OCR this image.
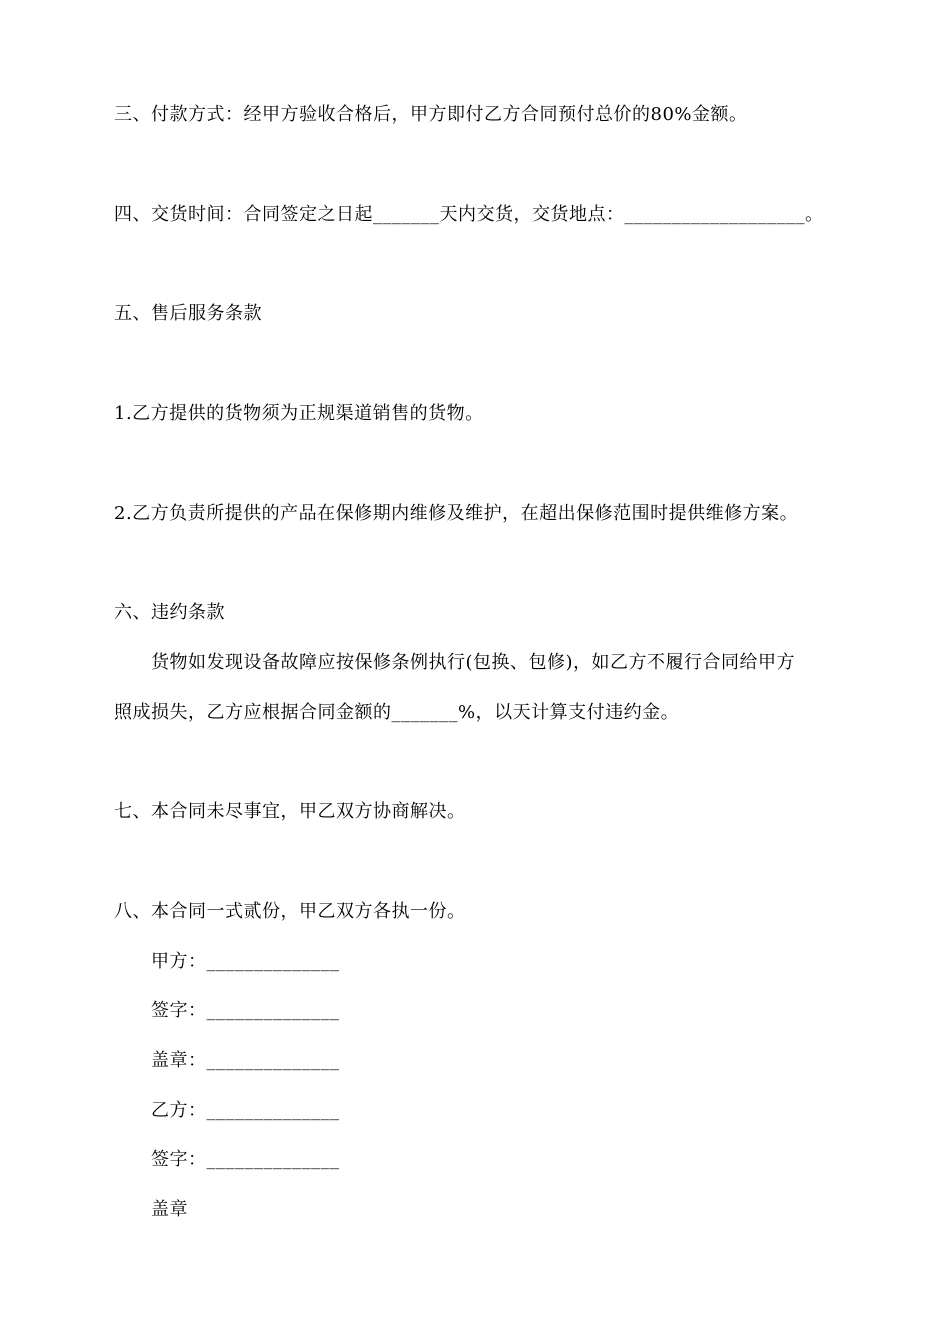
三、付款方式：经甲方验收合格后，甲方即付乙方合同预付总价的80%金额。
四、交货时间：合同签定之日起_______天内交货，交货地点：___________________。
五、售后服务条款
1.乙方提供的货物须为正规渠道销售的货物。
2.乙方负责所提供的产品在保修期内维修及维护，在超出保修范围时提供维修方案。
六、违约条款
货物如发现设备故障应按保修条例执行(包换、包修)，如乙方不履行合同给甲方
照成损失，乙方应根据合同金额的_______%，以天计算支付违约金。
七、本合同未尽事宜，甲乙双方协商解决。
八、本合同一式贰份，甲乙双方各执一份。
甲方：______________
签字：______________
盖章：______________
乙方：______________
签字：______________
盖章
